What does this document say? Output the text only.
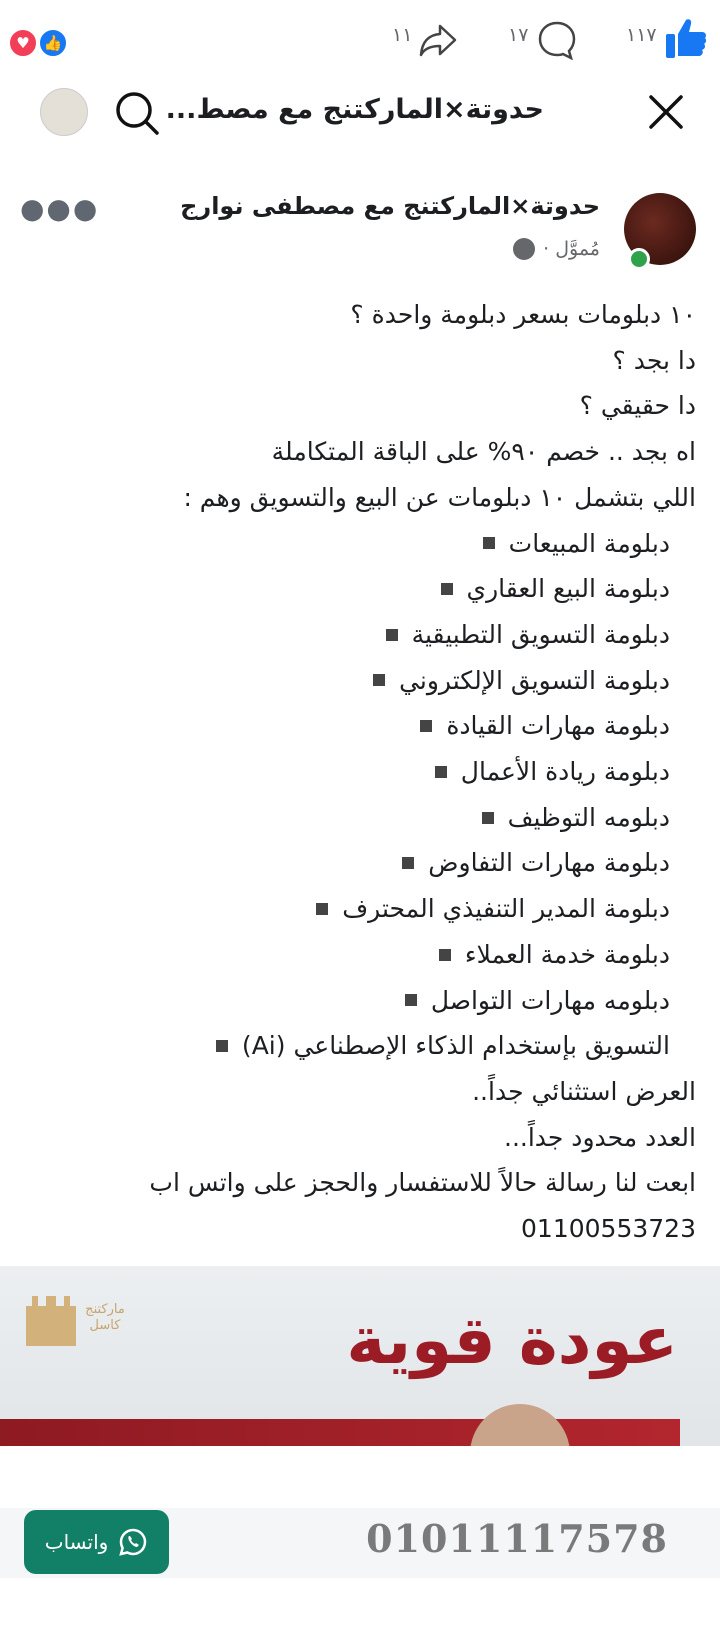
♥ 👍	١١	١٧	١١٧
حدوتة×الماركتنج مع مصط...
●●●	حدوتة×الماركتنج مع مصطفى نوارج
مُموَّل ·
١٠ دبلومات بسعر دبلومة واحدة ؟
دا بجد ؟
دا حقيقي ؟
اه بجد .. خصم ٩٠% على الباقة المتكاملة
اللي بتشمل ١٠ دبلومات عن البيع والتسويق وهم :
دبلومة المبيعات
دبلومة البيع العقاري
دبلومة التسويق التطبيقية
دبلومة التسويق الإلكتروني
دبلومة مهارات القيادة
دبلومة ريادة الأعمال
دبلومه التوظيف
دبلومة مهارات التفاوض
دبلومة المدير التنفيذي المحترف
دبلومة خدمة العملاء
دبلومه مهارات التواصل
التسويق بإستخدام الذكاء الإصطناعي (Ai)
العرض استثنائي جداً..
العدد محدود جداً...
ابعت لنا رسالة حالاً للاستفسار والحجز على واتس اب
01100553723
ماركتنج كاسل	عودة قوية
01011117578
واتساب
